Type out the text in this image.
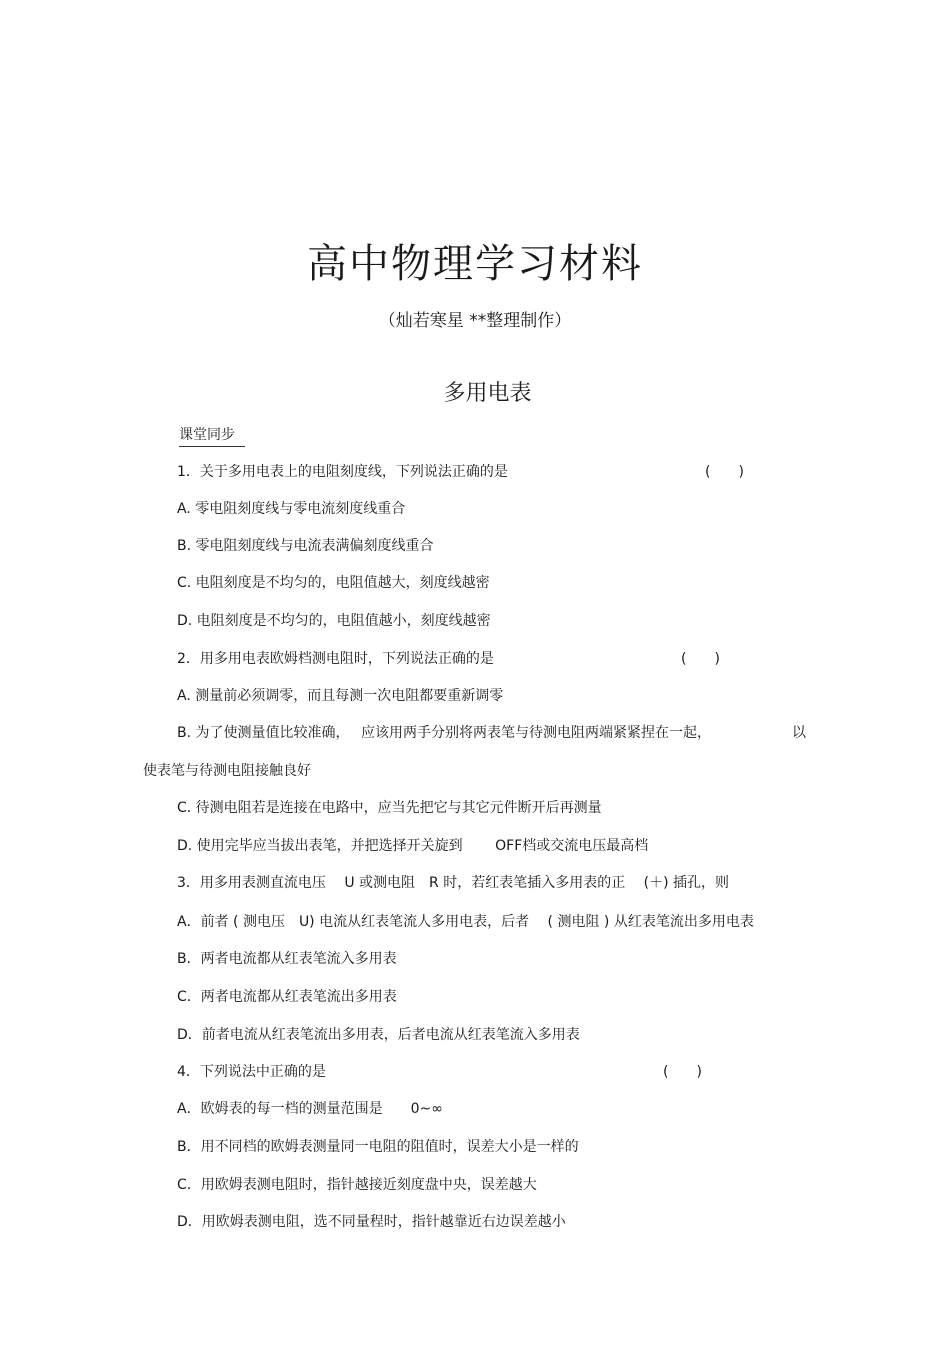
高中物理学习材料
（灿若寒星 **整理制作）
多用电表
课堂同步
1．关于多用电表上的电阻刻度线，下列说法正确的是	(　　)
A. 零电阻刻度线与零电流刻度线重合
B. 零电阻刻度线与电流表满偏刻度线重合
C. 电阻刻度是不均匀的，电阻值越大，刻度线越密
D. 电阻刻度是不均匀的，电阻值越小，刻度线越密
2．用多用电表欧姆档测电阻时，下列说法正确的是	(　　)
A. 测量前必须调零，而且每测一次电阻都要重新调零
B. 为了使测量值比较准确，　 应该用两手分别将两表笔与待测电阻两端紧紧捏在一起，	以
使表笔与待测电阻接触良好
C. 待测电阻若是连接在电路中，应当先把它与其它元件断开后再测量
D. 使用完毕应当拔出表笔，并把选择开关旋到　　 OFF档或交流电压最高档
3．用多用表测直流电压　 U 或测电阻　R 时，若红表笔插入多用表的正　 (＋) 插孔，则
A．前者 ( 测电压　U) 电流从红表笔流人多用电表，后者　 ( 测电阻 ) 从红表笔流出多用电表
B．两者电流都从红表笔流入多用表
C．两者电流都从红表笔流出多用表
D．前者电流从红表笔流出多用表，后者电流从红表笔流入多用表
4．下列说法中正确的是	(　　)
A．欧姆表的每一档的测量范围是　　0~∞
B．用不同档的欧姆表测量同一电阻的阻值时，误差大小是一样的
C．用欧姆表测电阻时，指针越接近刻度盘中央，误差越大
D．用欧姆表测电阻，选不同量程时，指针越靠近右边误差越小
